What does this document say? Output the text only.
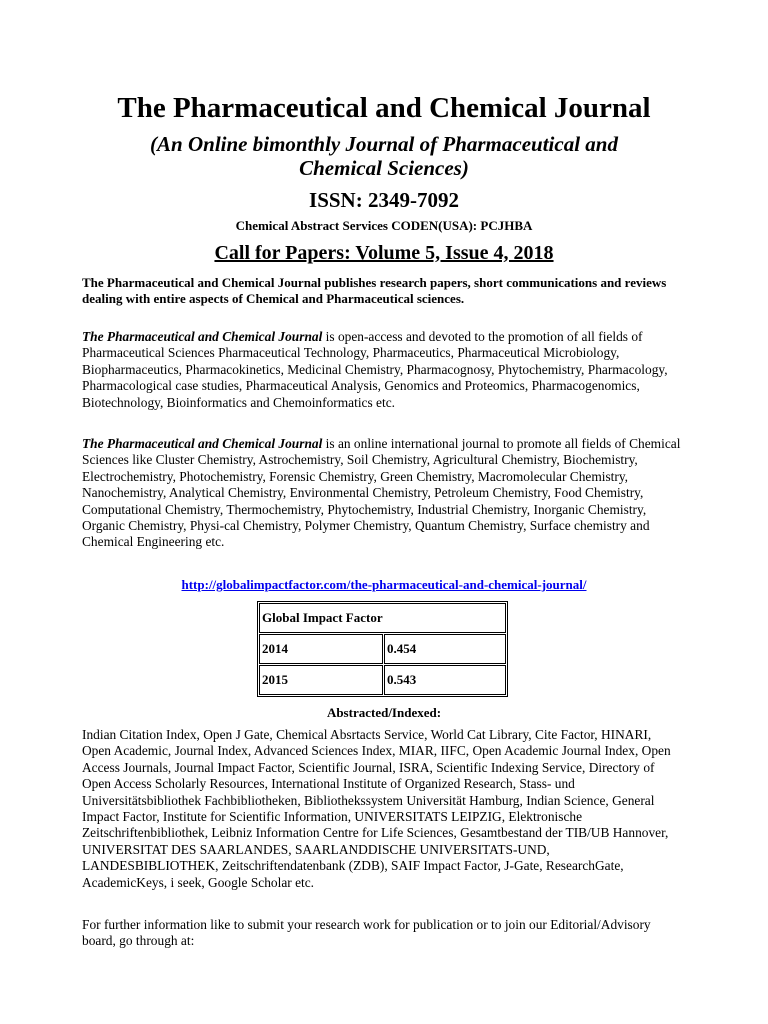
The Pharmaceutical and Chemical Journal

(An Online bimonthly Journal of Pharmaceutical and Chemical Sciences)

ISSN: 2349-7092
Chemical Abstract Services CODEN(USA): PCJHBA
Call for Papers: Volume 5, Issue 4, 2018

The Pharmaceutical and Chemical Journal publishes research papers, short communications and reviews dealing with entire aspects of Chemical and Pharmaceutical sciences.

The Pharmaceutical and Chemical Journal is open-access and devoted to the promotion of all fields of Pharmaceutical Sciences Pharmaceutical Technology, Pharmaceutics, Pharmaceutical Microbiology, Biopharmaceutics, Pharmacokinetics, Medicinal Chemistry, Pharmacognosy, Phytochemistry, Pharmacology, Pharmacological case studies, Pharmaceutical Analysis, Genomics and Proteomics, Pharmacogenomics, Biotechnology, Bioinformatics and Chemoinformatics etc.

The Pharmaceutical and Chemical Journal is an online international journal to promote all fields of Chemical Sciences like Cluster Chemistry, Astrochemistry, Soil Chemistry, Agricultural Chemistry, Biochemistry, Electrochemistry, Photochemistry, Forensic Chemistry, Green Chemistry, Macromolecular Chemistry, Nanochemistry, Analytical Chemistry, Environmental Chemistry, Petroleum Chemistry, Food Chemistry, Computational Chemistry, Thermochemistry, Phytochemistry, Industrial Chemistry, Inorganic Chemistry, Organic Chemistry, Physi-cal Chemistry, Polymer Chemistry, Quantum Chemistry, Surface chemistry and Chemical Engineering etc.

http://globalimpactfactor.com/the-pharmaceutical-and-chemical-journal/
Global Impact Factor	
2014	0.454
2015	0.543
Abstracted/Indexed:

Indian Citation Index, Open J Gate, Chemical Absrtacts Service, World Cat Library, Cite Factor, HINARI, Open Academic, Journal Index, Advanced Sciences Index, MIAR, IIFC, Open Academic Journal Index, Open Access Journals, Journal Impact Factor, Scientific Journal, ISRA, Scientific Indexing Service, Directory of Open Access Scholarly Resources, International Institute of Organized Research, Stass- und Universitätsbibliothek Fachbibliotheken, Bibliothekssystem Universität Hamburg, Indian Science, General Impact Factor, Institute for Scientific Information, UNIVERSITATS LEIPZIG, Elektronische Zeitschriftenbibliothek, Leibniz Information Centre for Life Sciences, Gesamtbestand der TIB/UB Hannover, UNIVERSITAT DES SAARLANDES, SAARLANDDISCHE UNIVERSITATS-UND, LANDESBIBLIOTHEK, Zeitschriftendatenbank (ZDB), SAIF Impact Factor, J-Gate, ResearchGate, AcademicKeys, i seek, Google Scholar etc.

For further information like to submit your research work for publication or to join our Editorial/Advisory board, go through at:
